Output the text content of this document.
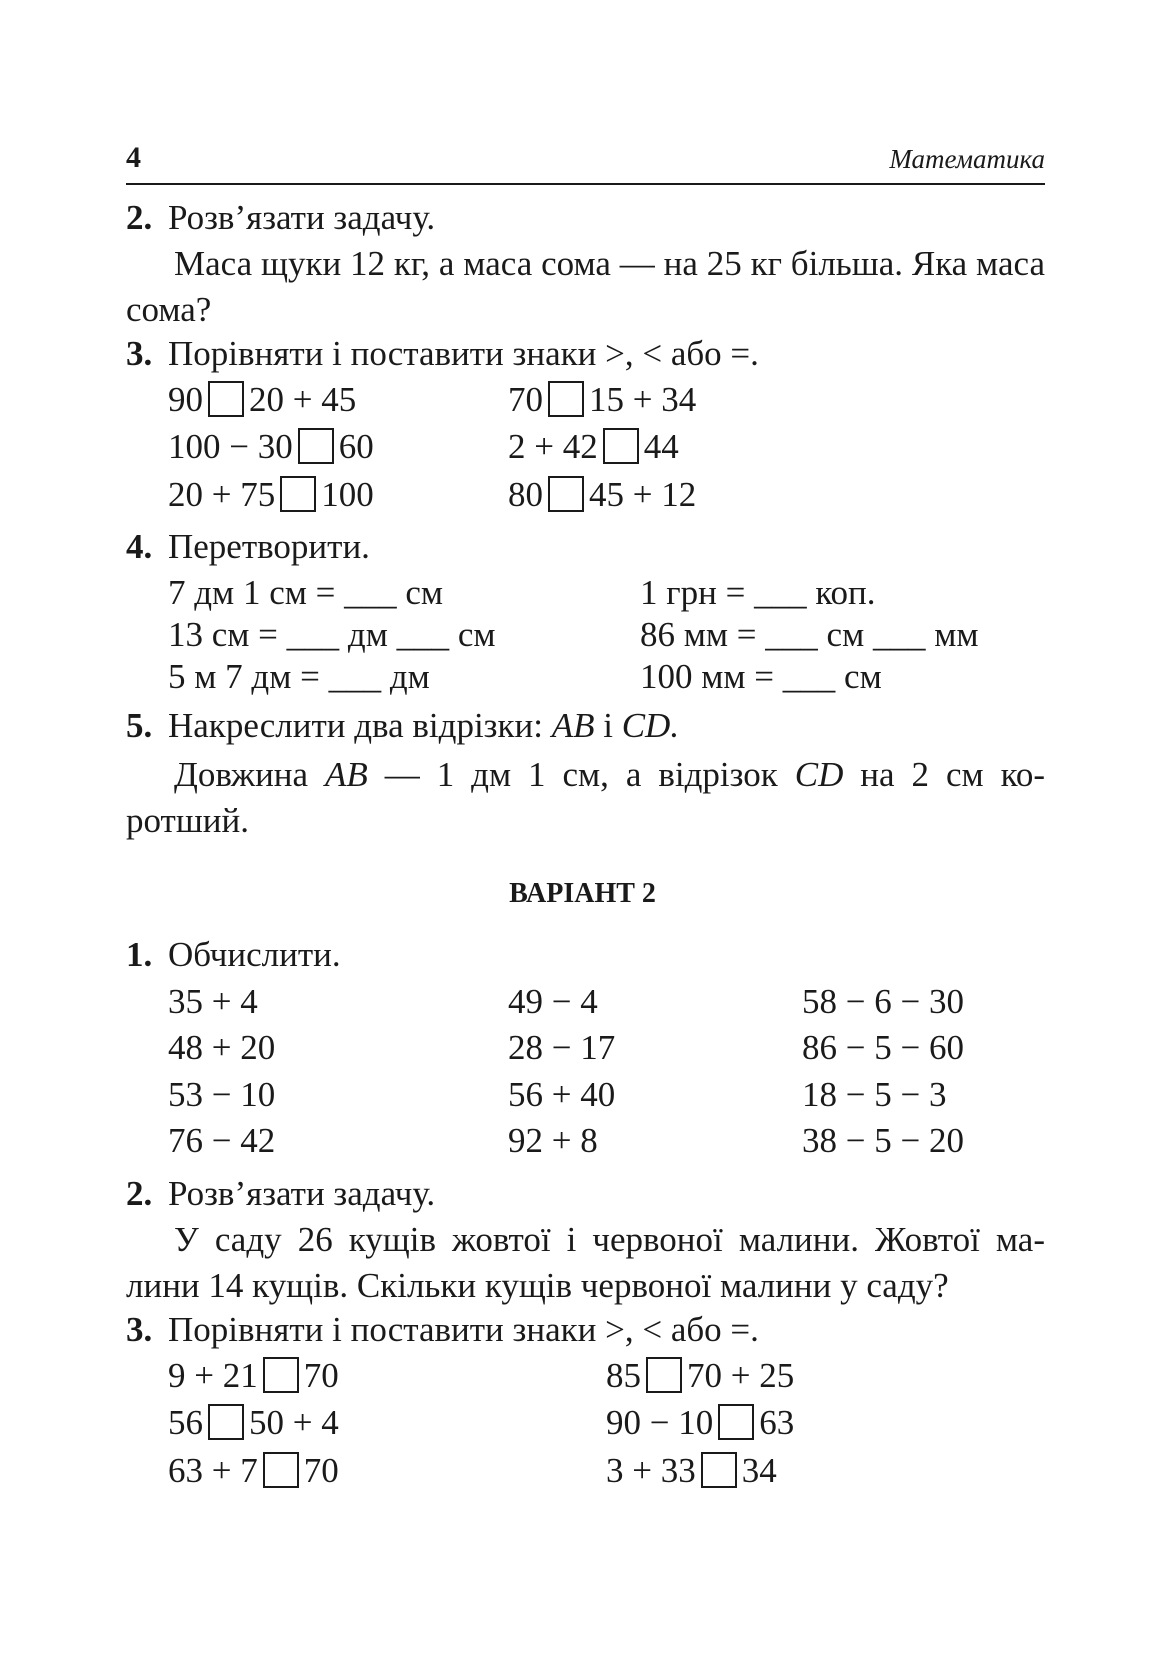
4	Математика
2. Розв’язати задачу.
Маса щуки 12 кг, а маса сома — на 25 кг більша. Яка маса сома?
3. Порівняти і поставити знаки >, < або =.
90 20 + 45	70 15 + 34
100 − 30 60	2 + 42 44
20 + 75 100	80 45 + 12
4. Перетворити.
7 дм 1 см = ___ см	1 грн = ___ коп.
13 см = ___ дм ___ см	86 мм = ___ см ___ мм
5 м 7 дм = ___ дм	100 мм = ___ см
5. Накреслити два відрізки: AB і CD.
Довжина AB — 1 дм 1 см, а відрізок CD на 2 см ко-ротший.
ВАРІАНТ 2
1. Обчислити.
35 + 4	49 − 4	58 − 6 − 30
48 + 20	28 − 17	86 − 5 − 60
53 − 10	56 + 40	18 − 5 − 3
76 − 42	92 + 8	38 − 5 − 20
2. Розв’язати задачу.
У саду 26 кущів жовтої і червоної малини. Жовтої ма-лини 14 кущів. Скільки кущів червоної малини у саду?
3. Порівняти і поставити знаки >, < або =.
9 + 21 70	85 70 + 25
56 50 + 4	90 − 10 63
63 + 7 70	3 + 33 34
